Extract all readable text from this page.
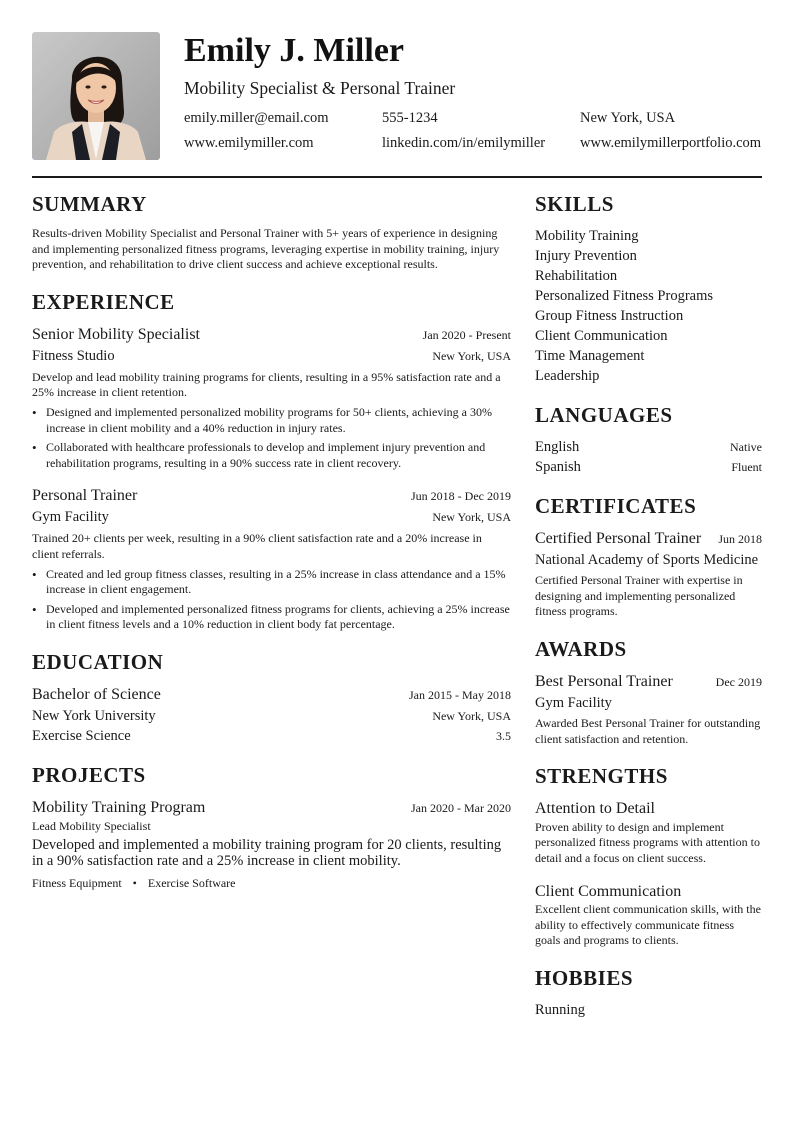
Emily J. Miller
Mobility Specialist & Personal Trainer
emily.miller@email.com	555-1234	New York, USA
www.emilymiller.com	linkedin.com/in/emilymiller	www.emilymillerportfolio.com
SUMMARY
Results-driven Mobility Specialist and Personal Trainer with 5+ years of experience in designing and implementing personalized fitness programs, leveraging expertise in mobility training, injury prevention, and rehabilitation to drive client success and achieve exceptional results.
EXPERIENCE
Senior Mobility Specialist	Jan 2020 - Present
Fitness Studio	New York, USA
Develop and lead mobility training programs for clients, resulting in a 95% satisfaction rate and a 25% increase in client retention.
• Designed and implemented personalized mobility programs for 50+ clients, achieving a 30% increase in client mobility and a 40% reduction in injury rates.
• Collaborated with healthcare professionals to develop and implement injury prevention and rehabilitation programs, resulting in a 90% success rate in client recovery.
Personal Trainer	Jun 2018 - Dec 2019
Gym Facility	New York, USA
Trained 20+ clients per week, resulting in a 90% client satisfaction rate and a 20% increase in client referrals.
• Created and led group fitness classes, resulting in a 25% increase in class attendance and a 15% increase in client engagement.
• Developed and implemented personalized fitness programs for clients, achieving a 25% increase in client fitness levels and a 10% reduction in client body fat percentage.
EDUCATION
Bachelor of Science	Jan 2015 - May 2018
New York University	New York, USA
Exercise Science	3.5
PROJECTS
Mobility Training Program	Jan 2020 - Mar 2020
Lead Mobility Specialist
Developed and implemented a mobility training program for 20 clients, resulting in a 90% satisfaction rate and a 25% increase in client mobility.
Fitness Equipment • Exercise Software
SKILLS
Mobility Training
Injury Prevention
Rehabilitation
Personalized Fitness Programs
Group Fitness Instruction
Client Communication
Time Management
Leadership
LANGUAGES
English	Native
Spanish	Fluent
CERTIFICATES
Certified Personal Trainer Jun 2018
National Academy of Sports Medicine
Certified Personal Trainer with expertise in designing and implementing personalized fitness programs.
AWARDS
Best Personal Trainer	Dec 2019
Gym Facility
Awarded Best Personal Trainer for outstanding client satisfaction and retention.
STRENGTHS
Attention to Detail
Proven ability to design and implement personalized fitness programs with attention to detail and a focus on client success.
Client Communication
Excellent client communication skills, with the ability to effectively communicate fitness goals and programs to clients.
HOBBIES
Running
